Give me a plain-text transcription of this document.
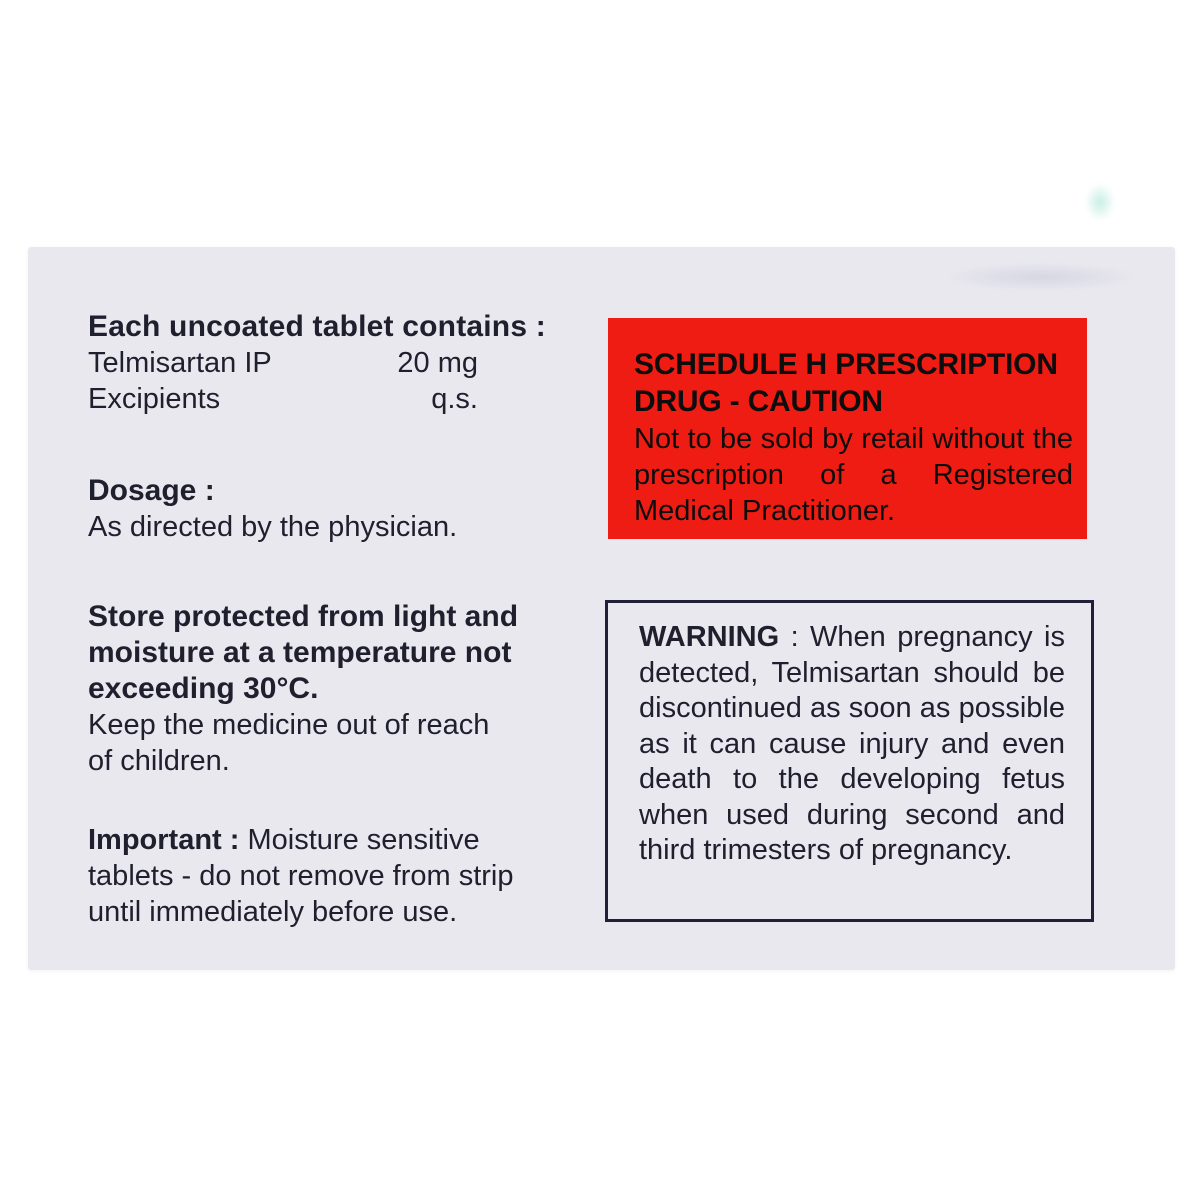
Each uncoated tablet contains :
Telmisartan IP	20 mg
Excipients	q.s.
Dosage :
As directed by the physician.
Store protected from light and moisture at a temperature not exceeding 30°C.
Keep the medicine out of reach of children.

Important : Moisture sensitive tablets - do not remove from strip until immediately before use.

SCHEDULE H PRESCRIPTION DRUG - CAUTION
Not to be sold by retail without the prescription of a Registered Medical Practitioner.

WARNING : When pregnancy is detected, Telmisartan should be discontinued as soon as possible as it can cause injury and even death to the developing fetus when used during second and third trimesters of pregnancy.
